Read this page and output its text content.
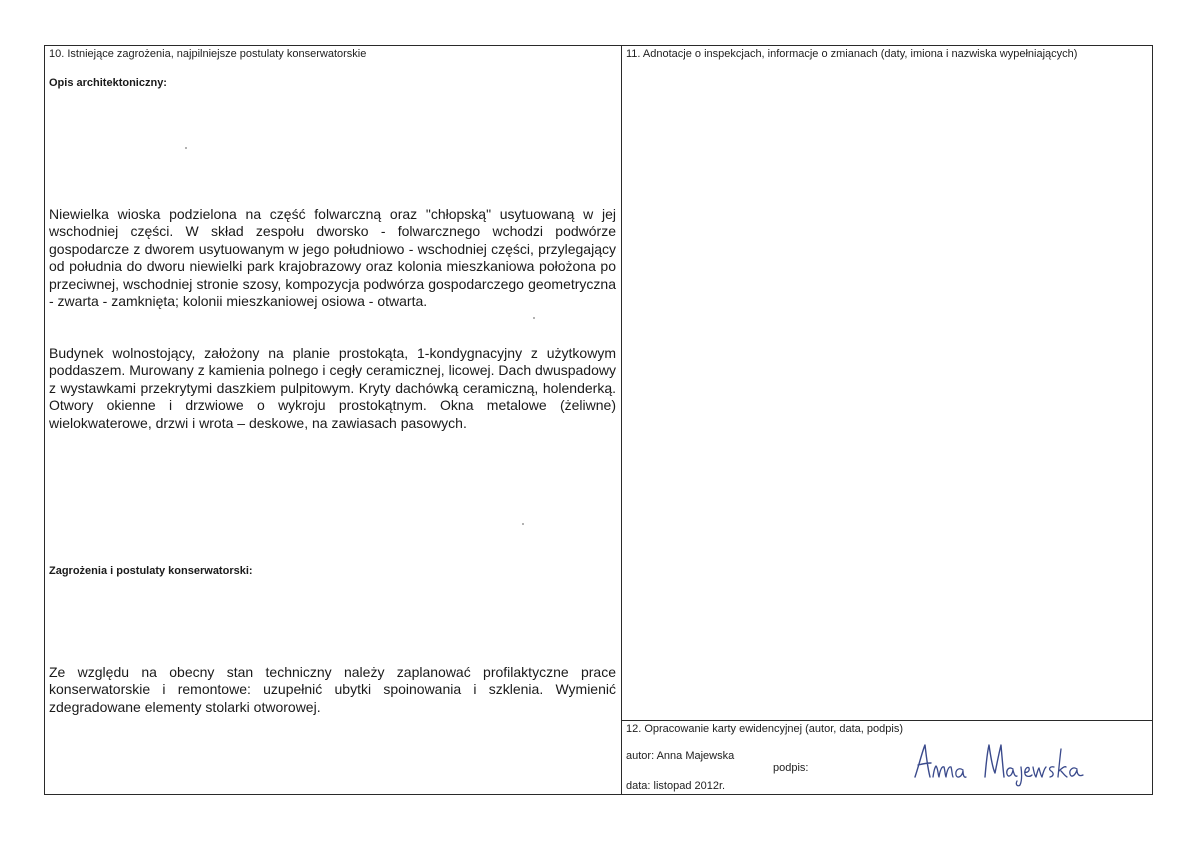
10. Istniejące zagrożenia, najpilniejsze postulaty konserwatorskie
Opis architektoniczny:
Niewielka wioska podzielona na część folwarczną oraz "chłopską" usytuowaną w jej wschodniej części. W skład zespołu dworsko - folwarcznego wchodzi podwórze gospodarcze z dworem usytuowanym w jego południowo - wschodniej części, przylegający od południa do dworu niewielki park krajobrazowy oraz kolonia mieszkaniowa położona po przeciwnej, wschodniej stronie szosy, kompozycja podwórza gospodarczego geometryczna - zwarta - zamknięta; kolonii mieszkaniowej osiowa - otwarta.
Budynek wolnostojący, założony na planie prostokąta, 1-kondygnacyjny z użytkowym poddaszem. Murowany z kamienia polnego i cegły ceramicznej, licowej. Dach dwuspadowy z wystawkami przekrytymi daszkiem pulpitowym. Kryty dachówką ceramiczną, holenderką. Otwory okienne i drzwiowe o wykroju prostokątnym. Okna metalowe (żeliwne) wielokwaterowe, drzwi i wrota – deskowe, na zawiasach pasowych.
Zagrożenia i postulaty konserwatorski:
Ze względu na obecny stan techniczny należy zaplanować profilaktyczne prace konserwatorskie i remontowe: uzupełnić ubytki spoinowania i szklenia. Wymienić zdegradowane elementy stolarki otworowej.
11. Adnotacje o inspekcjach, informacje o zmianach (daty, imiona i nazwiska wypełniających)
12. Opracowanie karty ewidencyjnej (autor, data, podpis)
autor: Anna Majewska
podpis:
data: listopad 2012r.
